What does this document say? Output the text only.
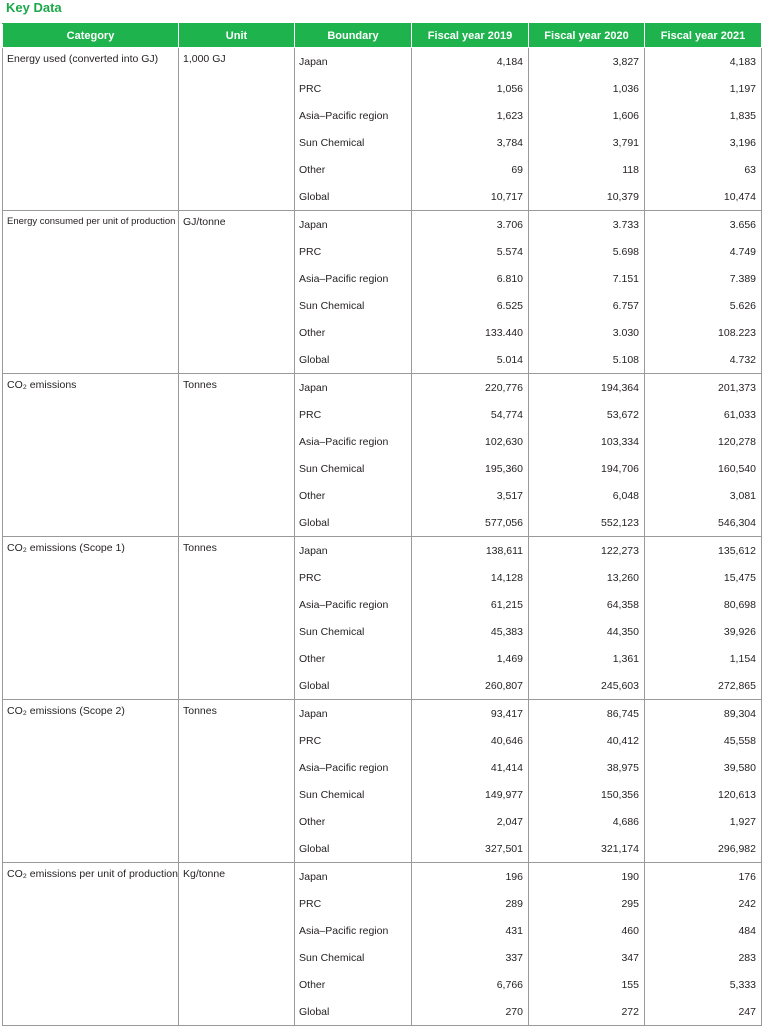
Key Data
Category	Unit	Boundary	Fiscal year 2019	Fiscal year 2020	Fiscal year 2021
Energy used (converted into GJ)	1,000 GJ	Japan	4,184	3,827	4,183
		PRC	1,056	1,036	1,197
		Asia–Pacific region	1,623	1,606	1,835
		Sun Chemical	3,784	3,791	3,196
		Other	69	118	63
		Global	10,717	10,379	10,474
Energy consumed per unit of production	GJ/tonne	Japan	3.706	3.733	3.656
		PRC	5.574	5.698	4.749
		Asia–Pacific region	6.810	7.151	7.389
		Sun Chemical	6.525	6.757	5.626
		Other	133.440	3.030	108.223
		Global	5.014	5.108	4.732
CO₂ emissions	Tonnes	Japan	220,776	194,364	201,373
		PRC	54,774	53,672	61,033
		Asia–Pacific region	102,630	103,334	120,278
		Sun Chemical	195,360	194,706	160,540
		Other	3,517	6,048	3,081
		Global	577,056	552,123	546,304
CO₂ emissions (Scope 1)	Tonnes	Japan	138,611	122,273	135,612
		PRC	14,128	13,260	15,475
		Asia–Pacific region	61,215	64,358	80,698
		Sun Chemical	45,383	44,350	39,926
		Other	1,469	1,361	1,154
		Global	260,807	245,603	272,865
CO₂ emissions (Scope 2)	Tonnes	Japan	93,417	86,745	89,304
		PRC	40,646	40,412	45,558
		Asia–Pacific region	41,414	38,975	39,580
		Sun Chemical	149,977	150,356	120,613
		Other	2,047	4,686	1,927
		Global	327,501	321,174	296,982
CO₂ emissions per unit of production	Kg/tonne	Japan	196	190	176
		PRC	289	295	242
		Asia–Pacific region	431	460	484
		Sun Chemical	337	347	283
		Other	6,766	155	5,333
		Global	270	272	247
